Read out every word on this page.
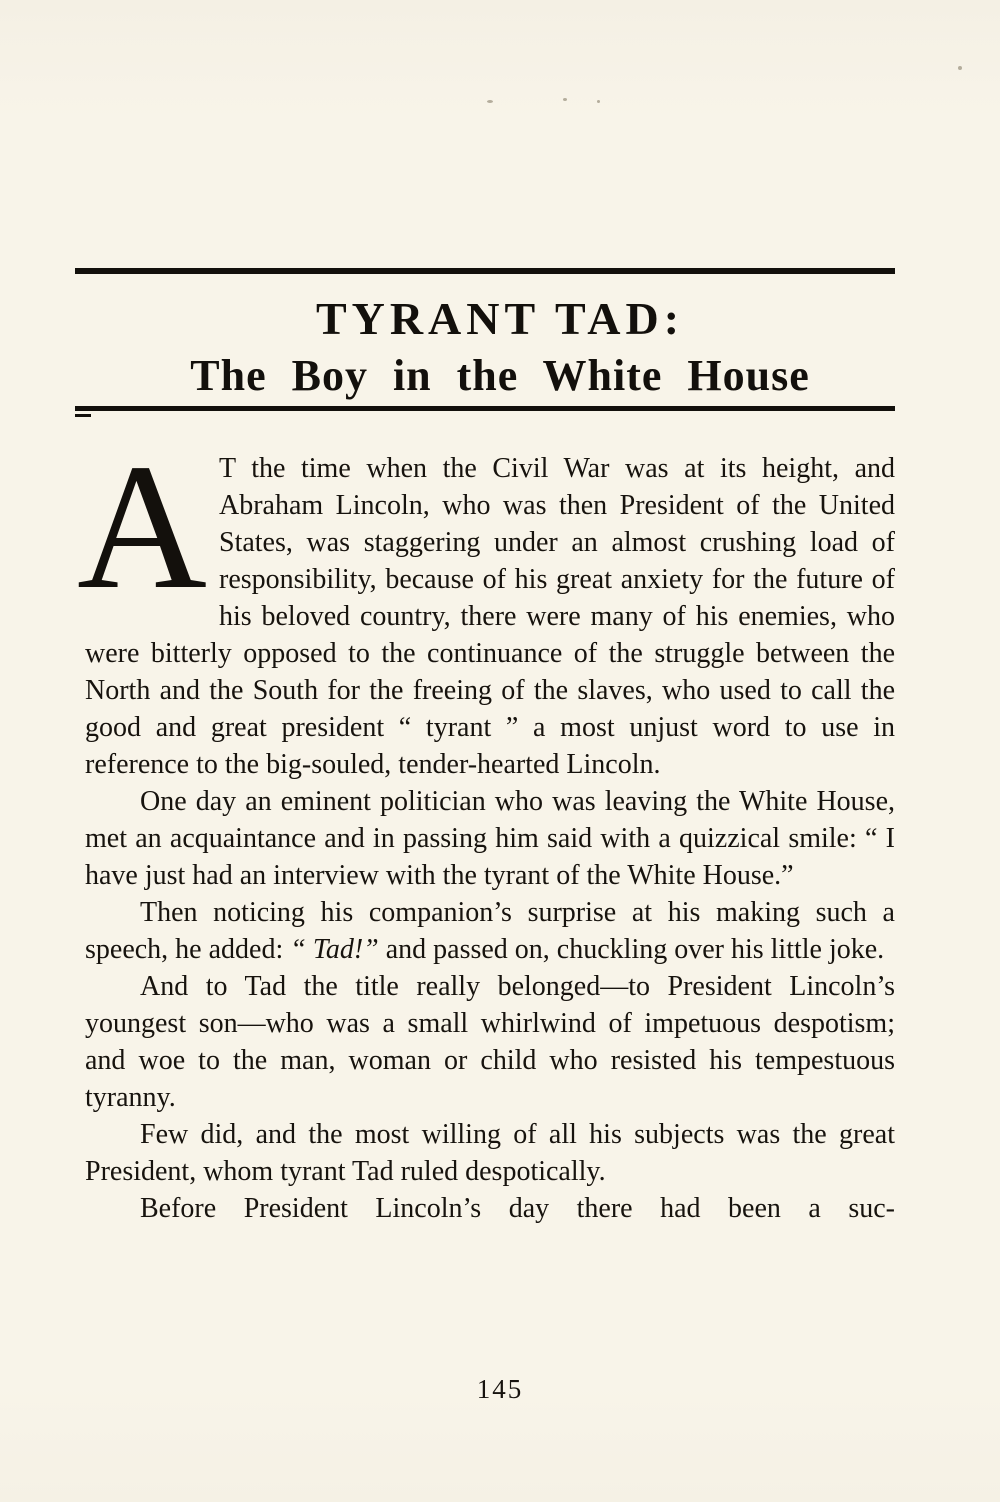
TYRANT TAD:
The Boy in the White House

A T the time when the Civil War was at its height, and Abraham Lincoln, who was then President of the United States, was staggering under an almost crushing load of responsibility, because of his great anxiety for the future of his beloved country, there were many of his enemies, who were bitterly opposed to the continuance of the struggle between the North and the South for the freeing of the slaves, who used to call the good and great president “ tyrant ” a most unjust word to use in reference to the big-souled, tender-hearted Lincoln.

One day an eminent politician who was leaving the White House, met an acquaintance and in passing him said with a quizzical smile: “ I have just had an interview with the tyrant of the White House.”

Then noticing his companion’s surprise at his making such a speech, he added: “ Tad!” and passed on, chuckling over his little joke.

And to Tad the title really belonged—to President Lincoln’s youngest son—who was a small whirlwind of impetuous despotism; and woe to the man, woman or child who resisted his tempestuous tyranny.

Few did, and the most willing of all his subjects was the great President, whom tyrant Tad ruled despotically.

Before President Lincoln’s day there had been a suc-

145
